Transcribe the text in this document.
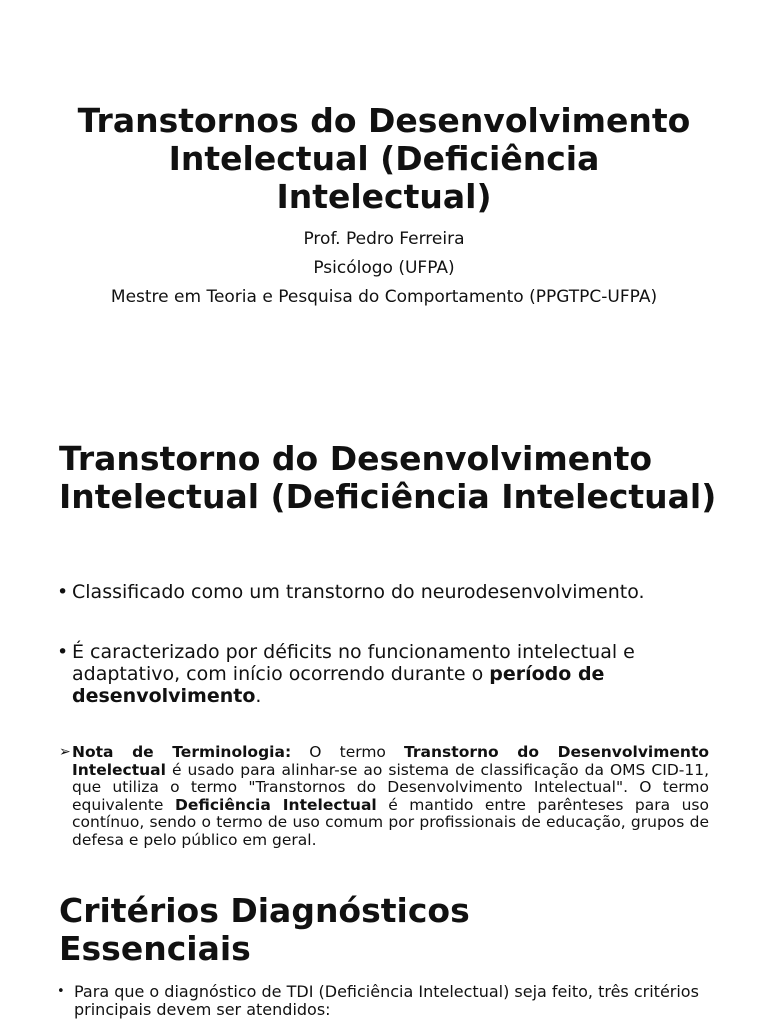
Transtornos do Desenvolvimento Intelectual (Deficiência Intelectual)

Prof. Pedro Ferreira

Psicólogo (UFPA)

Mestre em Teoria e Pesquisa do Comportamento (PPGTPC-UFPA)

Transtorno do Desenvolvimento Intelectual (Deficiência Intelectual)
• Classificado como um transtorno do neurodesenvolvimento.
• É caracterizado por déficits no funcionamento intelectual e adaptativo, com início ocorrendo durante o período de desenvolvimento.
➢ Nota de Terminologia: O termo Transtorno do Desenvolvimento Intelectual é usado para alinhar-se ao sistema de classificação da OMS CID-11, que utiliza o termo "Transtornos do Desenvolvimento Intelectual". O termo equivalente Deficiência Intelectual é mantido entre parênteses para uso contínuo, sendo o termo de uso comum por profissionais de educação, grupos de defesa e pelo público em geral.
Critérios Diagnósticos Essenciais
• Para que o diagnóstico de TDI (Deficiência Intelectual) seja feito, três critérios principais devem ser atendidos:
